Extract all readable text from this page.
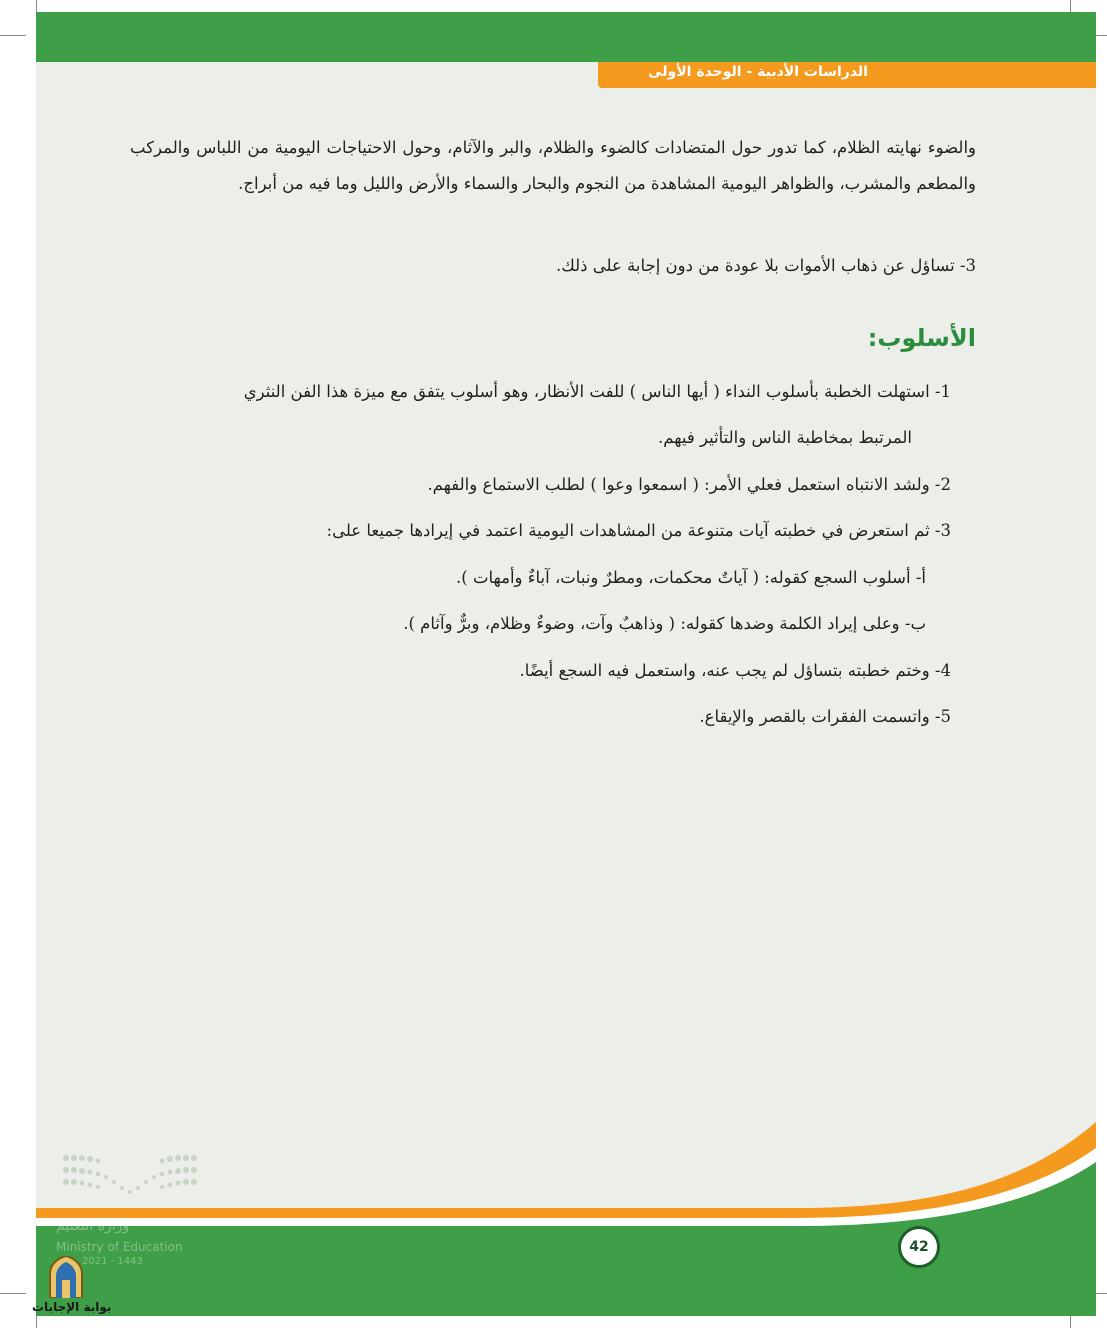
الدراسات الأدبية - الوحدة الأولى

والضوء نهايته الظلام، كما تدور حول المتضادات كالضوء والظلام، والبر والآثام، وحول الاحتياجات اليومية من اللباس والمركب والمطعم والمشرب، والظواهر اليومية المشاهدة من النجوم والبحار والسماء والأرض والليل وما فيه من أبراج.

3- تساؤل عن ذهاب الأموات بلا عودة من دون إجابة على ذلك.
الأسلوب:
1- استهلت الخطبة بأسلوب النداء ( أيها الناس ) للفت الأنظار، وهو أسلوب يتفق مع ميزة هذا الفن النثري
المرتبط بمخاطبة الناس والتأثير فيهم.
2- ولشد الانتباه استعمل فعلي الأمر: ( اسمعوا وعوا ) لطلب الاستماع والفهم.
3- ثم استعرض في خطبته آيات متنوعة من المشاهدات اليومية اعتمد في إيرادها جميعا على:
أ- أسلوب السجع كقوله: ( آياتٌ محكمات، ومطرٌ ونبات، آباءٌ وأمهات ).
ب- وعلى إيراد الكلمة وضدها كقوله: ( وذاهبٌ وآت، وضوءٌ وظلام، وبرٌّ وآثام ).
4- وختم خطبته بتساؤل لم يجب عنه، واستعمل فيه السجع أيضًا.
5- واتسمت الفقرات بالقصر والإيقاع.
وزارة التعليم
Ministry of Education
2021 - 1443
42
بوابة الإجابات
